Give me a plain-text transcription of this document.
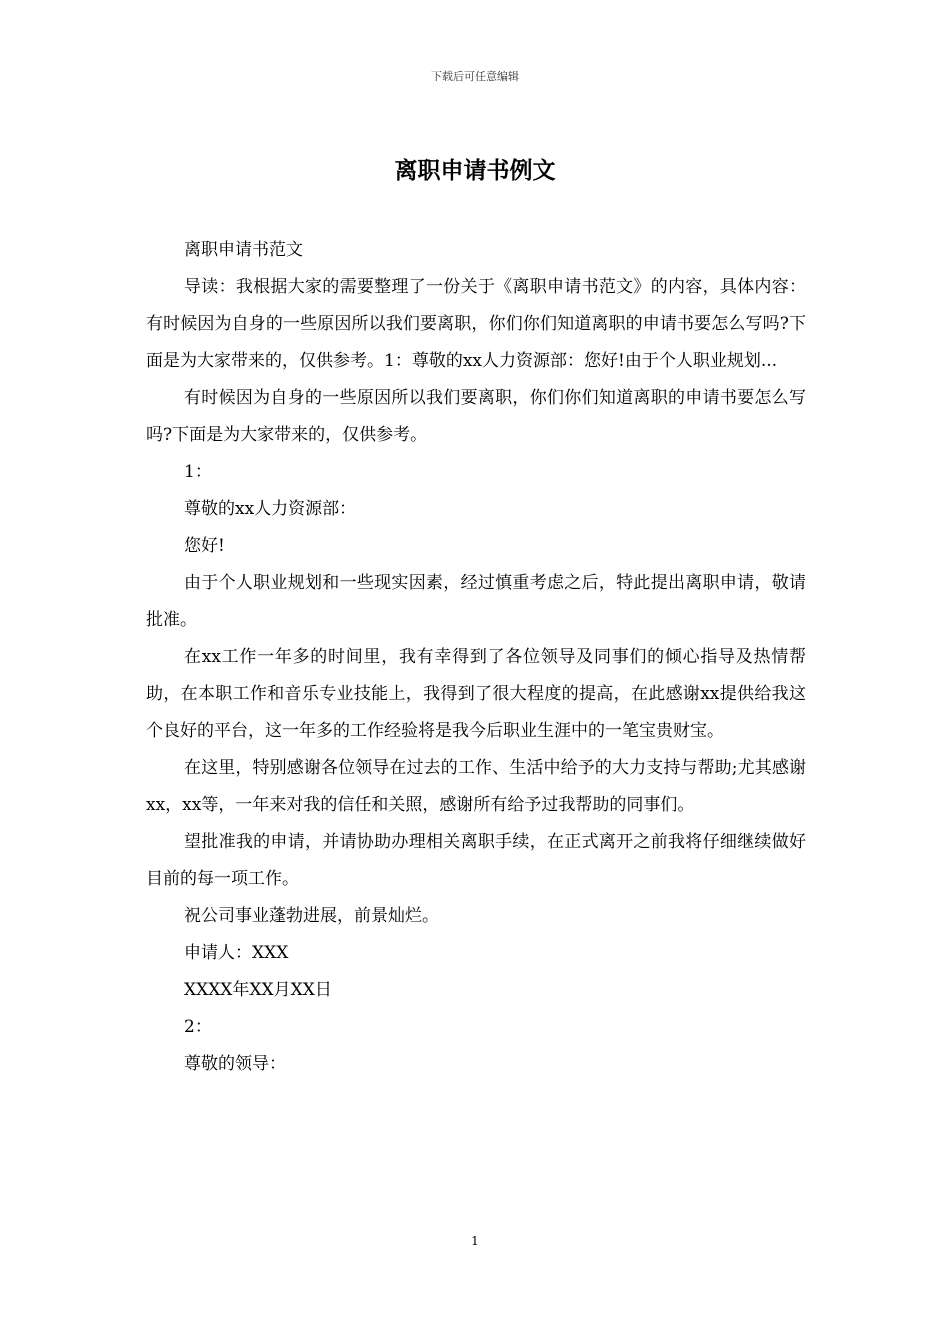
下载后可任意编辑
离职申请书例文

离职申请书范文

导读：我根据大家的需要整理了一份关于《离职申请书范文》的内容，具体内容：有时候因为自身的一些原因所以我们要离职，你们你们知道离职的申请书要怎么写吗?下面是为大家带来的，仅供参考。1：尊敬的xx人力资源部：您好!由于个人职业规划...

有时候因为自身的一些原因所以我们要离职，你们你们知道离职的申请书要怎么写吗?下面是为大家带来的，仅供参考。

1：

尊敬的xx人力资源部：

您好!

由于个人职业规划和一些现实因素，经过慎重考虑之后，特此提出离职申请，敬请批准。

在xx工作一年多的时间里，我有幸得到了各位领导及同事们的倾心指导及热情帮助，在本职工作和音乐专业技能上，我得到了很大程度的提高，在此感谢xx提供给我这个良好的平台，这一年多的工作经验将是我今后职业生涯中的一笔宝贵财宝。

在这里，特别感谢各位领导在过去的工作、生活中给予的大力支持与帮助;尤其感谢xx，xx等，一年来对我的信任和关照，感谢所有给予过我帮助的同事们。

望批准我的申请，并请协助办理相关离职手续，在正式离开之前我将仔细继续做好目前的每一项工作。

祝公司事业蓬勃进展，前景灿烂。

申请人：XXX

XXXX年XX月XX日

2：

尊敬的领导：

1
